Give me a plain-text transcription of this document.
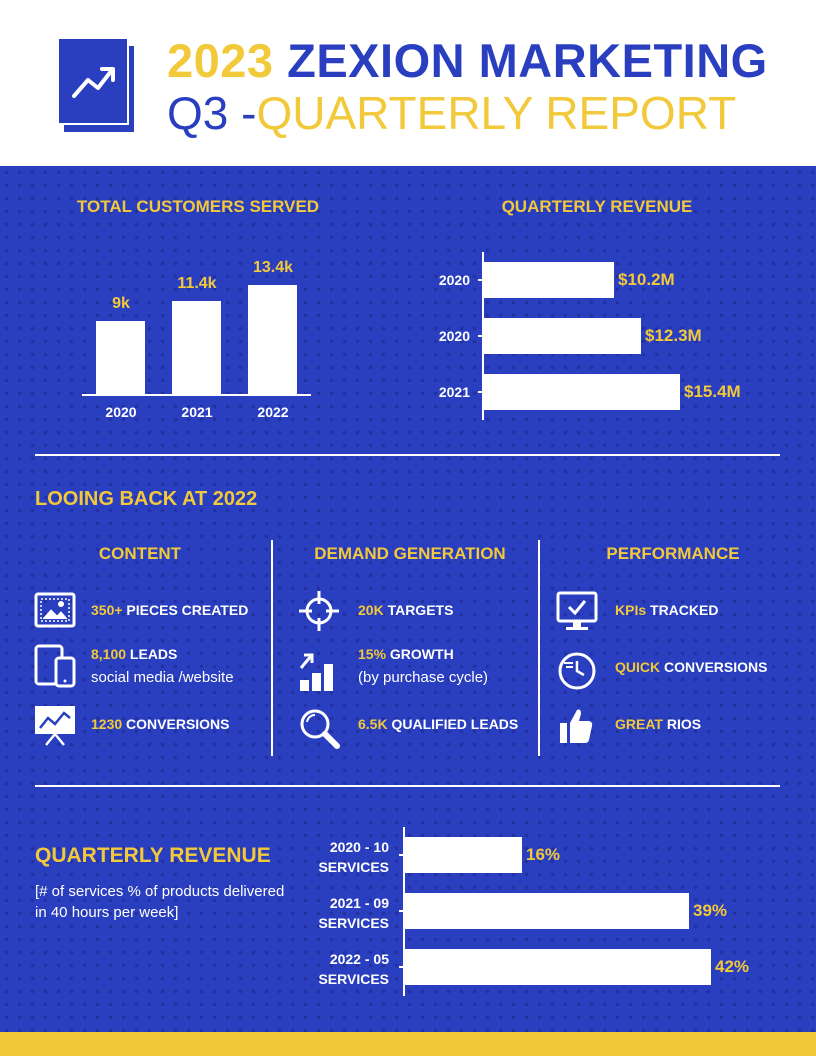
2023 ZEXION MARKETING
Q3 -QUARTERLY REPORT
TOTAL CUSTOMERS SERVED	QUARTERLY REVENUE
LOOING BACK AT 2022
CONTENT	DEMAND GENERATION	PERFORMANCE
350+ PIECES CREATED
8,100 LEADS
social media /website
1230 CONVERSIONS
20K TARGETS
15% GROWTH
(by purchase cycle)
6.5K QUALIFIED LEADS
KPIs TRACKED
QUICK CONVERSIONS
GREAT RIOS
QUARTERLY REVENUE
[# of services % of products delivered in 40 hours per week]
9k
2020
11.4k
2021
13.4k
2022
$10.2M
2020
$12.3M
2020
$15.4M
2021
16%
2020 - 10
SERVICES
39%
2021 - 09
SERVICES
42%
2022 - 05
SERVICES
